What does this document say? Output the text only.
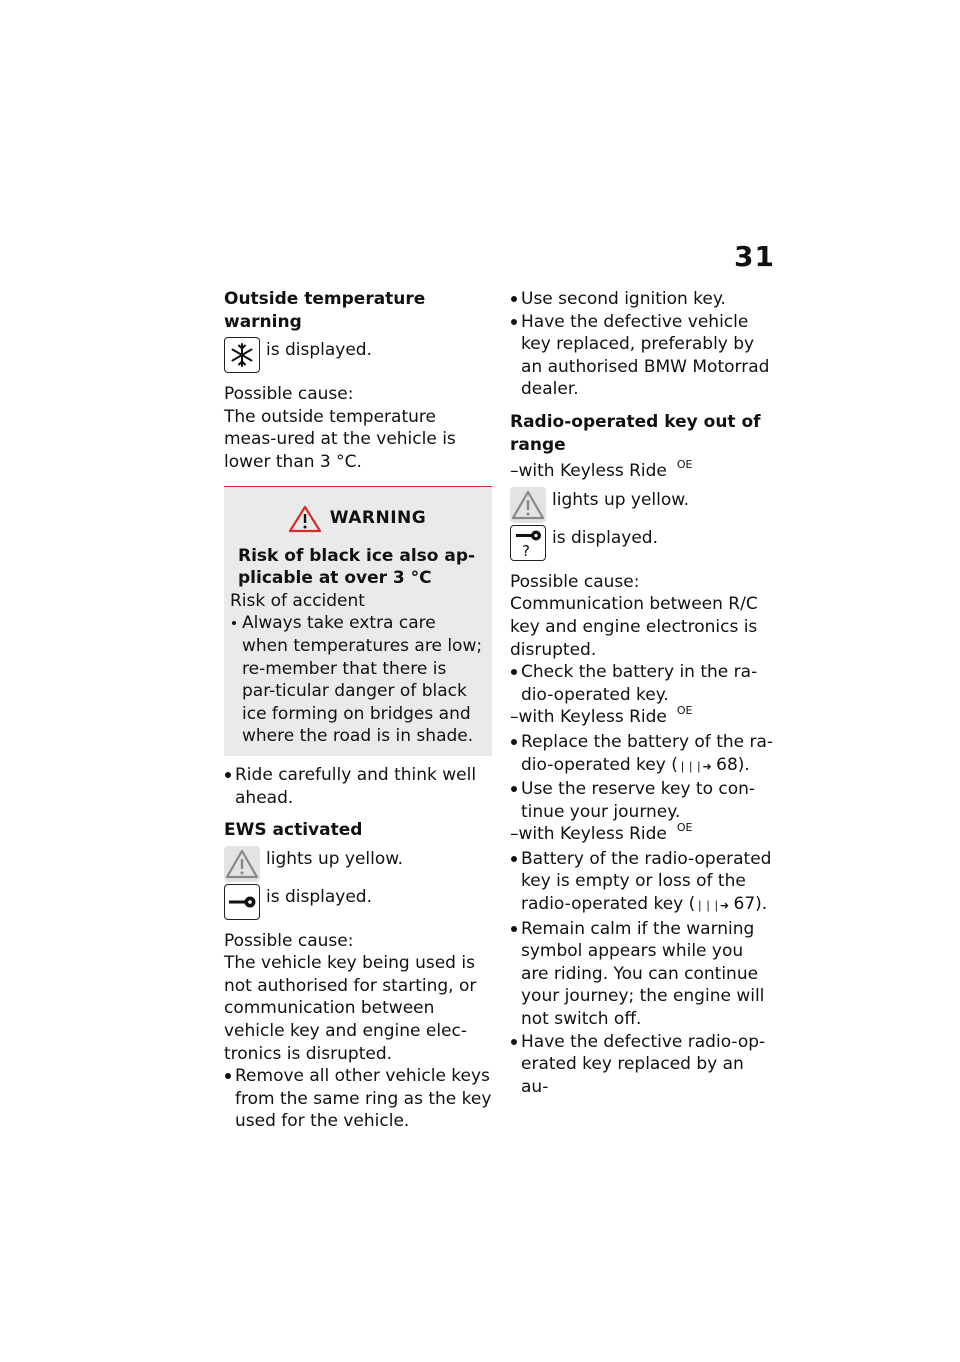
31
Outside temperature warning
is displayed.
Possible cause:
The outside temperature meas-ured at the vehicle is lower than 3 °C.
WARNING
Risk of black ice also ap-plicable at over 3 °C
Risk of accident
Always take extra care when temperatures are low; re-member that there is par-ticular danger of black ice forming on bridges and where the road is in shade.
Ride carefully and think well ahead.
EWS activated
lights up yellow.
is displayed.
Possible cause:
The vehicle key being used is not authorised for starting, or communication between vehicle key and engine elec-tronics is disrupted.
Remove all other vehicle keys from the same ring as the key used for the vehicle.
Use second ignition key.
Have the defective vehicle key replaced, preferably by an authorised BMW Motorrad dealer.
Radio-operated key out of range
–with Keyless Ride $^{OE}$
lights up yellow.
?
is displayed.
Possible cause:
Communication between R/C key and engine electronics is disrupted.
Check the battery in the ra-dio-operated key.
–with Keyless Ride $^{OE}$
Replace the battery of the ra-dio-operated key (❘❘❘➜ 68).
Use the reserve key to con-tinue your journey.
–with Keyless Ride $^{OE}$
Battery of the radio-operated key is empty or loss of the radio-operated key (❘❘❘➜ 67).
Remain calm if the warning symbol appears while you are riding. You can continue your journey; the engine will not switch off.
Have the defective radio-op-erated key replaced by an au-
